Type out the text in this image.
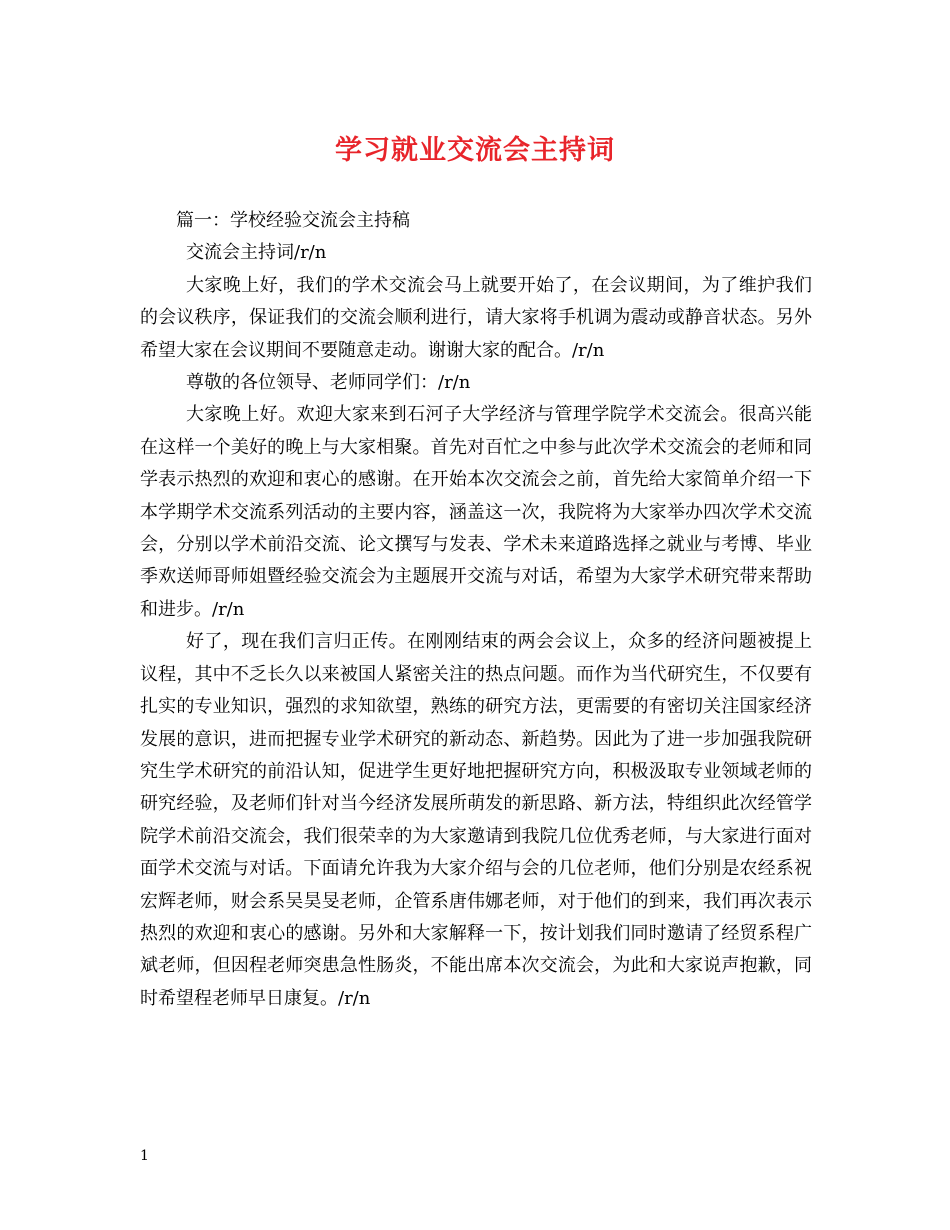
学习就业交流会主持词

篇一：学校经验交流会主持稿

交流会主持词/r/n

大家晚上好，我们的学术交流会马上就要开始了，在会议期间，为了维护我们的会议秩序，保证我们的交流会顺利进行，请大家将手机调为震动或静音状态。另外希望大家在会议期间不要随意走动。谢谢大家的配合。/r/n

尊敬的各位领导、老师同学们：/r/n

大家晚上好。欢迎大家来到石河子大学经济与管理学院学术交流会。很高兴能在这样一个美好的晚上与大家相聚。首先对百忙之中参与此次学术交流会的老师和同学表示热烈的欢迎和衷心的感谢。在开始本次交流会之前，首先给大家简单介绍一下本学期学术交流系列活动的主要内容，涵盖这一次，我院将为大家举办四次学术交流会，分别以学术前沿交流、论文撰写与发表、学术未来道路选择之就业与考博、毕业季欢送师哥师姐暨经验交流会为主题展开交流与对话，希望为大家学术研究带来帮助和进步。/r/n

好了，现在我们言归正传。在刚刚结束的两会会议上，众多的经济问题被提上议程，其中不乏长久以来被国人紧密关注的热点问题。而作为当代研究生，不仅要有扎实的专业知识，强烈的求知欲望，熟练的研究方法，更需要的有密切关注国家经济发展的意识，进而把握专业学术研究的新动态、新趋势。因此为了进一步加强我院研究生学术研究的前沿认知，促进学生更好地把握研究方向，积极汲取专业领域老师的研究经验，及老师们针对当今经济发展所萌发的新思路、新方法，特组织此次经管学院学术前沿交流会，我们很荣幸的为大家邀请到我院几位优秀老师，与大家进行面对面学术交流与对话。下面请允许我为大家介绍与会的几位老师，他们分别是农经系祝宏辉老师，财会系吴昊旻老师，企管系唐伟娜老师，对于他们的到来，我们再次表示热烈的欢迎和衷心的感谢。另外和大家解释一下，按计划我们同时邀请了经贸系程广斌老师，但因程老师突患急性肠炎，不能出席本次交流会，为此和大家说声抱歉，同时希望程老师早日康复。/r/n

1
